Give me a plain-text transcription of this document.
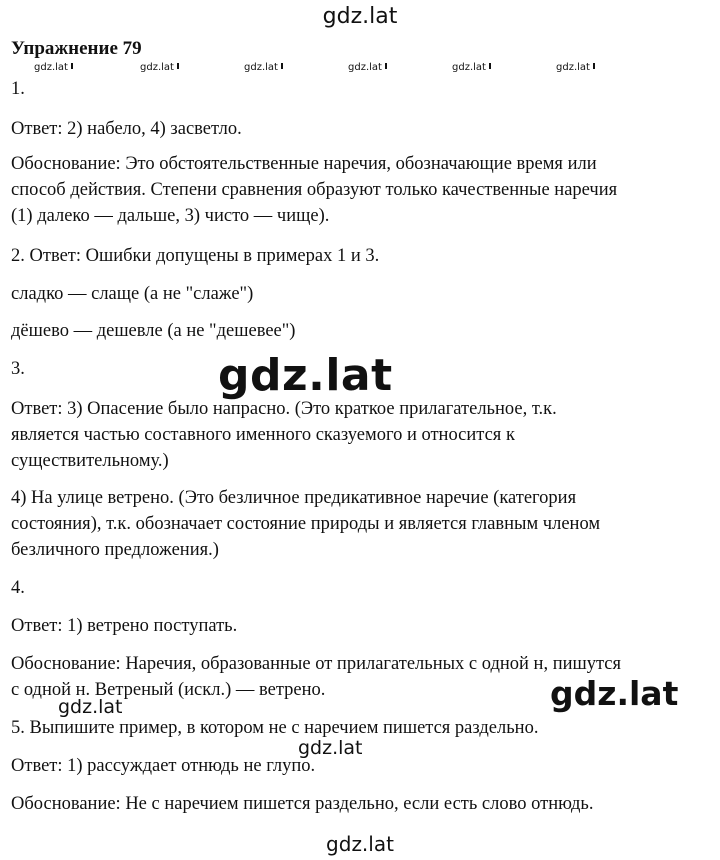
gdz.lat
gdz.lat	gdz.lat	gdz.lat	gdz.lat	gdz.lat	gdz.lat
Упражнение 79
1.
Ответ: 2) набело, 4) засветло.
Обоснование: Это обстоятельственные наречия, обозначающие время или
способ действия. Степени сравнения образуют только качественные наречия
(1) далеко — дальше, 3) чисто — чище).
2. Ответ: Ошибки допущены в примерах 1 и 3.
сладко — слаще (а не "слаже")
дёшево — дешевле (а не "дешевее")
3.
Ответ: 3) Опасение было напрасно. (Это краткое прилагательное, т.к.
является частью составного именного сказуемого и относится к
существительному.)
4) На улице ветрено. (Это безличное предикативное наречие (категория
состояния), т.к. обозначает состояние природы и является главным членом
безличного предложения.)
4.
Ответ: 1) ветрено поступать.
Обоснование: Наречия, образованные от прилагательных с одной н, пишутся
с одной н. Ветреный (искл.) — ветрено.
5. Выпишите пример, в котором не с наречием пишется раздельно.
Ответ: 1) рассуждает отнюдь не глупо.
Обоснование: Не с наречием пишется раздельно, если есть слово отнюдь.
gdz.lat
gdz.lat
gdz.lat
gdz.lat
gdz.lat
